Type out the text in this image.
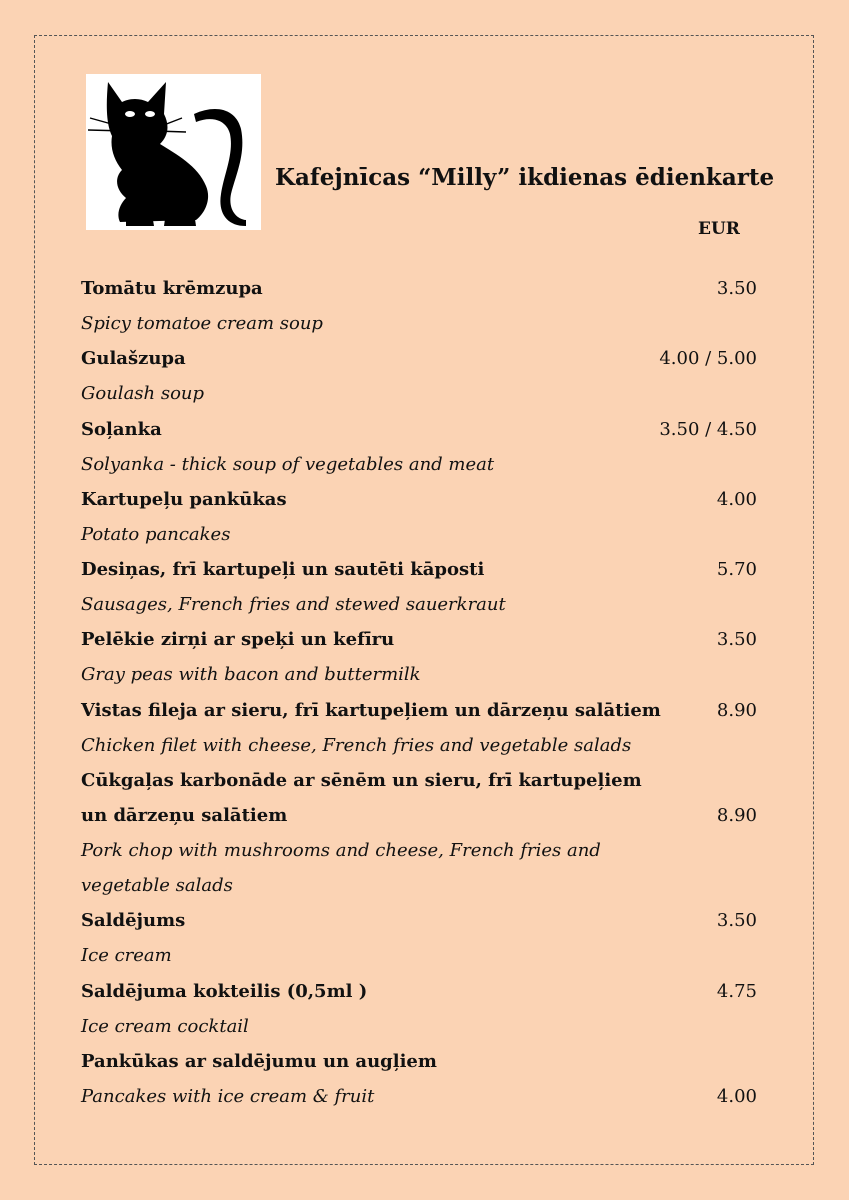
Kafejnīcas “Milly” ikdienas ēdienkarte
EUR
Tomātu krēmzupa	3.50
Spicy tomatoe cream soup
Gulašzupa	4.00 / 5.00
Goulash soup
Soļanka	3.50 / 4.50
Solyanka - thick soup of vegetables and meat
Kartupeļu pankūkas	4.00
Potato pancakes
Desiņas, frī kartupeļi un sautēti kāposti	5.70
Sausages, French fries and stewed sauerkraut
Pelēkie zirņi ar speķi un kefīru	3.50
Gray peas with bacon and buttermilk
Vistas fileja ar sieru, frī kartupeļiem un dārzeņu salātiem	8.90
Chicken filet with cheese, French fries and vegetable salads
Cūkgaļas karbonāde ar sēnēm un sieru, frī kartupeļiem
un dārzeņu salātiem	8.90
Pork chop with mushrooms and cheese, French fries and
vegetable salads
Saldējums	3.50
Ice cream
Saldējuma kokteilis (0,5ml )	4.75
Ice cream cocktail
Pankūkas ar saldējumu un augļiem
Pancakes with ice cream & fruit	4.00
